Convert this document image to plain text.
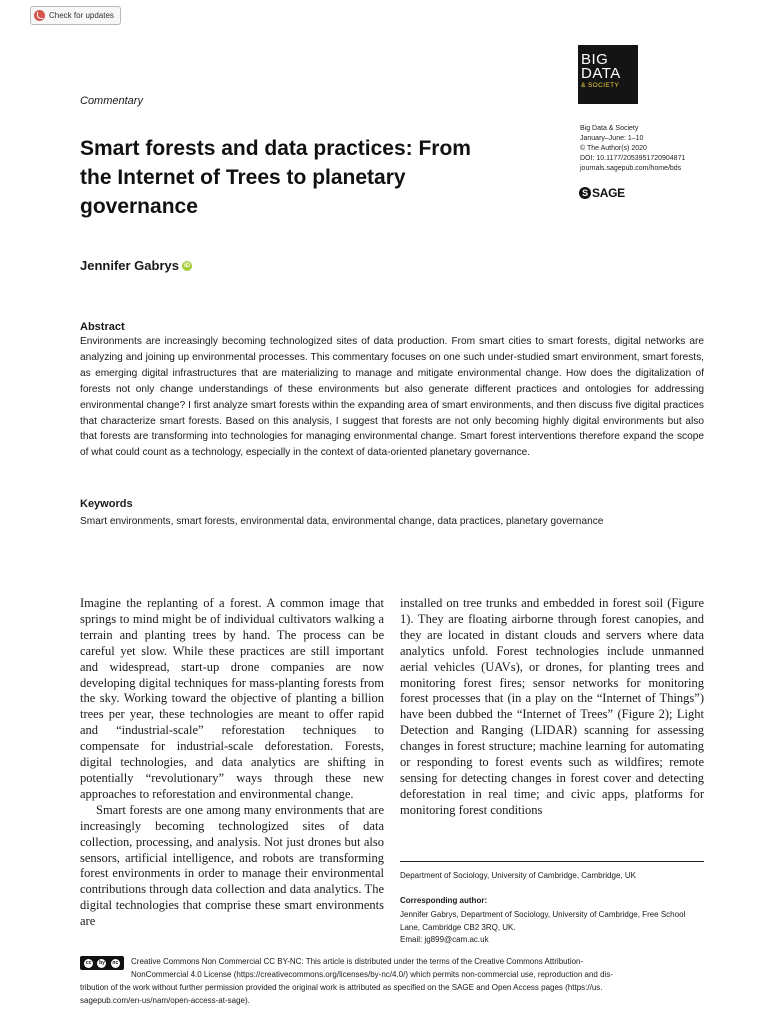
Check for updates
Commentary
Smart forests and data practices: From the Internet of Trees to planetary governance
BIG
DATA
& SOCIETY
Big Data & Society
January–June: 1–10
© The Author(s) 2020
DOI: 10.1177/2053951720904871
journals.sagepub.com/home/bds
S SAGE
Jennifer Gabrys iD
Abstract

Environments are increasingly becoming technologized sites of data production. From smart cities to smart forests, digital networks are analyzing and joining up environmental processes. This commentary focuses on one such under-studied smart environment, smart forests, as emerging digital infrastructures that are materializing to manage and mitigate environmental change. How does the digitalization of forests not only change understandings of these environments but also generate different practices and ontologies for addressing environmental change? I first analyze smart forests within the expanding area of smart environments, and then discuss five digital practices that characterize smart forests. Based on this analysis, I suggest that forests are not only becoming highly digital environments but also that forests are transforming into technologies for managing environmental change. Smart forest interventions therefore expand the scope of what could count as a technology, especially in the context of data-oriented planetary governance.

Keywords
Smart environments, smart forests, environmental data, environmental change, data practices, planetary governance

Imagine the replanting of a forest. A common image that springs to mind might be of individual cultivators walking a terrain and planting trees by hand. The process can be careful yet slow. While these practices are still important and widespread, start-up drone companies are now developing digital techniques for mass-planting forests from the sky. Working toward the objective of planting a billion trees per year, these technologies are meant to offer rapid and “industrial-scale” reforestation techniques to compensate for industrial-scale deforestation. Forests, digital technologies, and data analytics are shifting in potentially “revolutionary” ways through these new approaches to reforestation and environmental change.

Smart forests are one among many environments that are increasingly becoming technologized sites of data collection, processing, and analysis. Not just drones but also sensors, artificial intelligence, and robots are transforming forest environments in order to manage their environmental contributions through data collection and data analytics. The digital technologies that comprise these smart environments are

installed on tree trunks and embedded in forest soil (Figure 1). They are floating airborne through forest canopies, and they are located in distant clouds and servers where data analytics unfold. Forest technologies include unmanned aerial vehicles (UAVs), or drones, for planting trees and monitoring forest fires; sensor networks for monitoring forest processes that (in a play on the “Internet of Things”) have been dubbed the “Internet of Trees” (Figure 2); Light Detection and Ranging (LIDAR) scanning for assessing changes in forest structure; machine learning for automating or responding to forest events such as wildfires; remote sensing for detecting changes in forest cover and detecting deforestation in real time; and civic apps, platforms for monitoring forest conditions

Department of Sociology, University of Cambridge, Cambridge, UK
Corresponding author:
Jennifer Gabrys, Department of Sociology, University of Cambridge, Free School Lane, Cambridge CB2 3RQ, UK.
Email: jg899@cam.ac.uk
cc	by	nc Creative Commons Non Commercial CC BY-NC: This article is distributed under the terms of the Creative Commons Attribution-
NonCommercial 4.0 License (https://creativecommons.org/licenses/by-nc/4.0/) which permits non-commercial use, reproduction and dis-
tribution of the work without further permission provided the original work is attributed as specified on the SAGE and Open Access pages (https://us.
sagepub.com/en-us/nam/open-access-at-sage).
